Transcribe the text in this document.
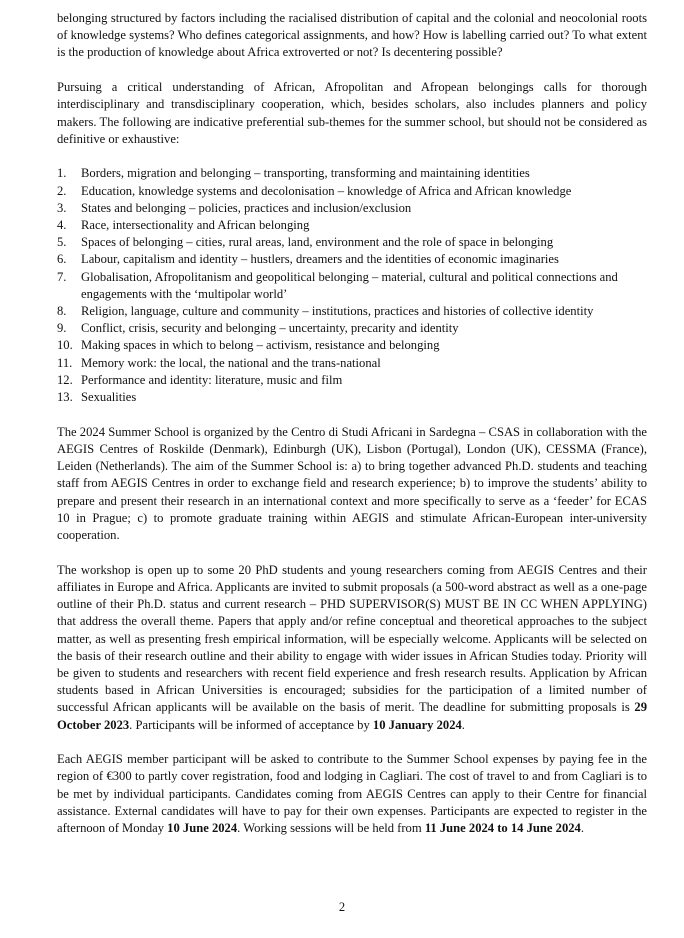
belonging structured by factors including the racialised distribution of capital and the colonial and neocolonial roots of knowledge systems? Who defines categorical assignments, and how? How is labelling carried out? To what extent is the production of knowledge about Africa extroverted or not? Is decentering possible?

Pursuing a critical understanding of African, Afropolitan and Afropean belongings calls for thorough interdisciplinary and transdisciplinary cooperation, which, besides scholars, also includes planners and policy makers. The following are indicative preferential sub-themes for the summer school, but should not be considered as definitive or exhaustive:

1. Borders, migration and belonging – transporting, transforming and maintaining identities
2. Education, knowledge systems and decolonisation – knowledge of Africa and African knowledge
3. States and belonging – policies, practices and inclusion/exclusion
4. Race, intersectionality and African belonging
5. Spaces of belonging – cities, rural areas, land, environment and the role of space in belonging
6. Labour, capitalism and identity – hustlers, dreamers and the identities of economic imaginaries
7. Globalisation, Afropolitanism and geopolitical belonging – material, cultural and political connections and engagements with the ‘multipolar world’
8. Religion, language, culture and community – institutions, practices and histories of collective identity
9. Conflict, crisis, security and belonging – uncertainty, precarity and identity
10. Making spaces in which to belong – activism, resistance and belonging
11. Memory work: the local, the national and the trans-national
12. Performance and identity: literature, music and film
13. Sexualities

The 2024 Summer School is organized by the Centro di Studi Africani in Sardegna – CSAS in collaboration with the AEGIS Centres of Roskilde (Denmark), Edinburgh (UK), Lisbon (Portugal), London (UK), CESSMA (France), Leiden (Netherlands). The aim of the Summer School is: a) to bring together advanced Ph.D. students and teaching staff from AEGIS Centres in order to exchange field and research experience; b) to improve the students’ ability to prepare and present their research in an international context and more specifically to serve as a ‘feeder’ for ECAS 10 in Prague; c) to promote graduate training within AEGIS and stimulate African-European inter-university cooperation.

The workshop is open up to some 20 PhD students and young researchers coming from AEGIS Centres and their affiliates in Europe and Africa. Applicants are invited to submit proposals (a 500-word abstract as well as a one-page outline of their Ph.D. status and current research – PHD SUPERVISOR(S) MUST BE IN CC WHEN APPLYING) that address the overall theme. Papers that apply and/or refine conceptual and theoretical approaches to the subject matter, as well as presenting fresh empirical information, will be especially welcome. Applicants will be selected on the basis of their research outline and their ability to engage with wider issues in African Studies today. Priority will be given to students and researchers with recent field experience and fresh research results. Application by African students based in African Universities is encouraged; subsidies for the participation of a limited number of successful African applicants will be available on the basis of merit. The deadline for submitting proposals is 29 October 2023. Participants will be informed of acceptance by 10 January 2024.

Each AEGIS member participant will be asked to contribute to the Summer School expenses by paying fee in the region of €300 to partly cover registration, food and lodging in Cagliari. The cost of travel to and from Cagliari is to be met by individual participants. Candidates coming from AEGIS Centres can apply to their Centre for financial assistance. External candidates will have to pay for their own expenses. Participants are expected to register in the afternoon of Monday 10 June 2024. Working sessions will be held from 11 June 2024 to 14 June 2024.

2
